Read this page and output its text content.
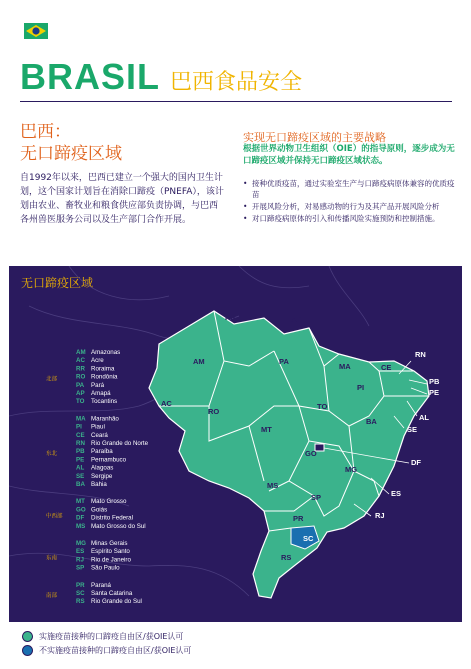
BRASIL 巴西食品安全
巴西：
无口蹄疫区域
自1992年以来，巴西已建立一个强大的国内卫生计划，这个国家计划旨在消除口蹄疫（PNEFA），该计划由农业、畜牧业和粮食供应部负责协调，与巴西各州兽医服务公司以及生产部门合作开展。
实现无口蹄疫区域的主要战略
根据世界动物卫生组织（OIE）的指导原则，逐步成为无口蹄疫区域并保持无口蹄疫区域状态。
• 接种优质疫苗，通过实验室生产与口蹄疫病原体兼容的优质疫苗
• 开展风险分析，对易感动物的行为及其产品开展风险分析
• 对口蹄疫病原体的引入和传播风险实施预防和控制措施。
无口蹄疫区域
RR	AP
AM	PA
MA	CE
RN
PB
PE
PI
AC
RO
TO
AL
SE
BA
MT
DF
GO
MG
ES
MS
SP
RJ
PR
SC
RS
北部
AM Amazonas
AC Acre
RR Roraima
RO Rondônia
PA Pará
AP Amapá
TO Tocantins
东北
MA Maranhão
PI Piauí
CE Ceará
RN Rio Grande do Norte
PB Paraíba
PE Pernambuco
AL Alagoas
SE Sergipe
BA Bahia
中西部
MT Mato Grosso
GO Goiás
DF Distrito Federal
MS Mato Grosso do Sul
东南
MG Minas Gerais
ES Espírito Santo
RJ Rio de Janeiro
SP São Paulo
南部
PR Paraná
SC Santa Catarina
RS Rio Grande do Sul
实施疫苗接种的口蹄疫自由区/获OIE认可
不实施疫苗接种的口蹄疫自由区/获OIE认可
